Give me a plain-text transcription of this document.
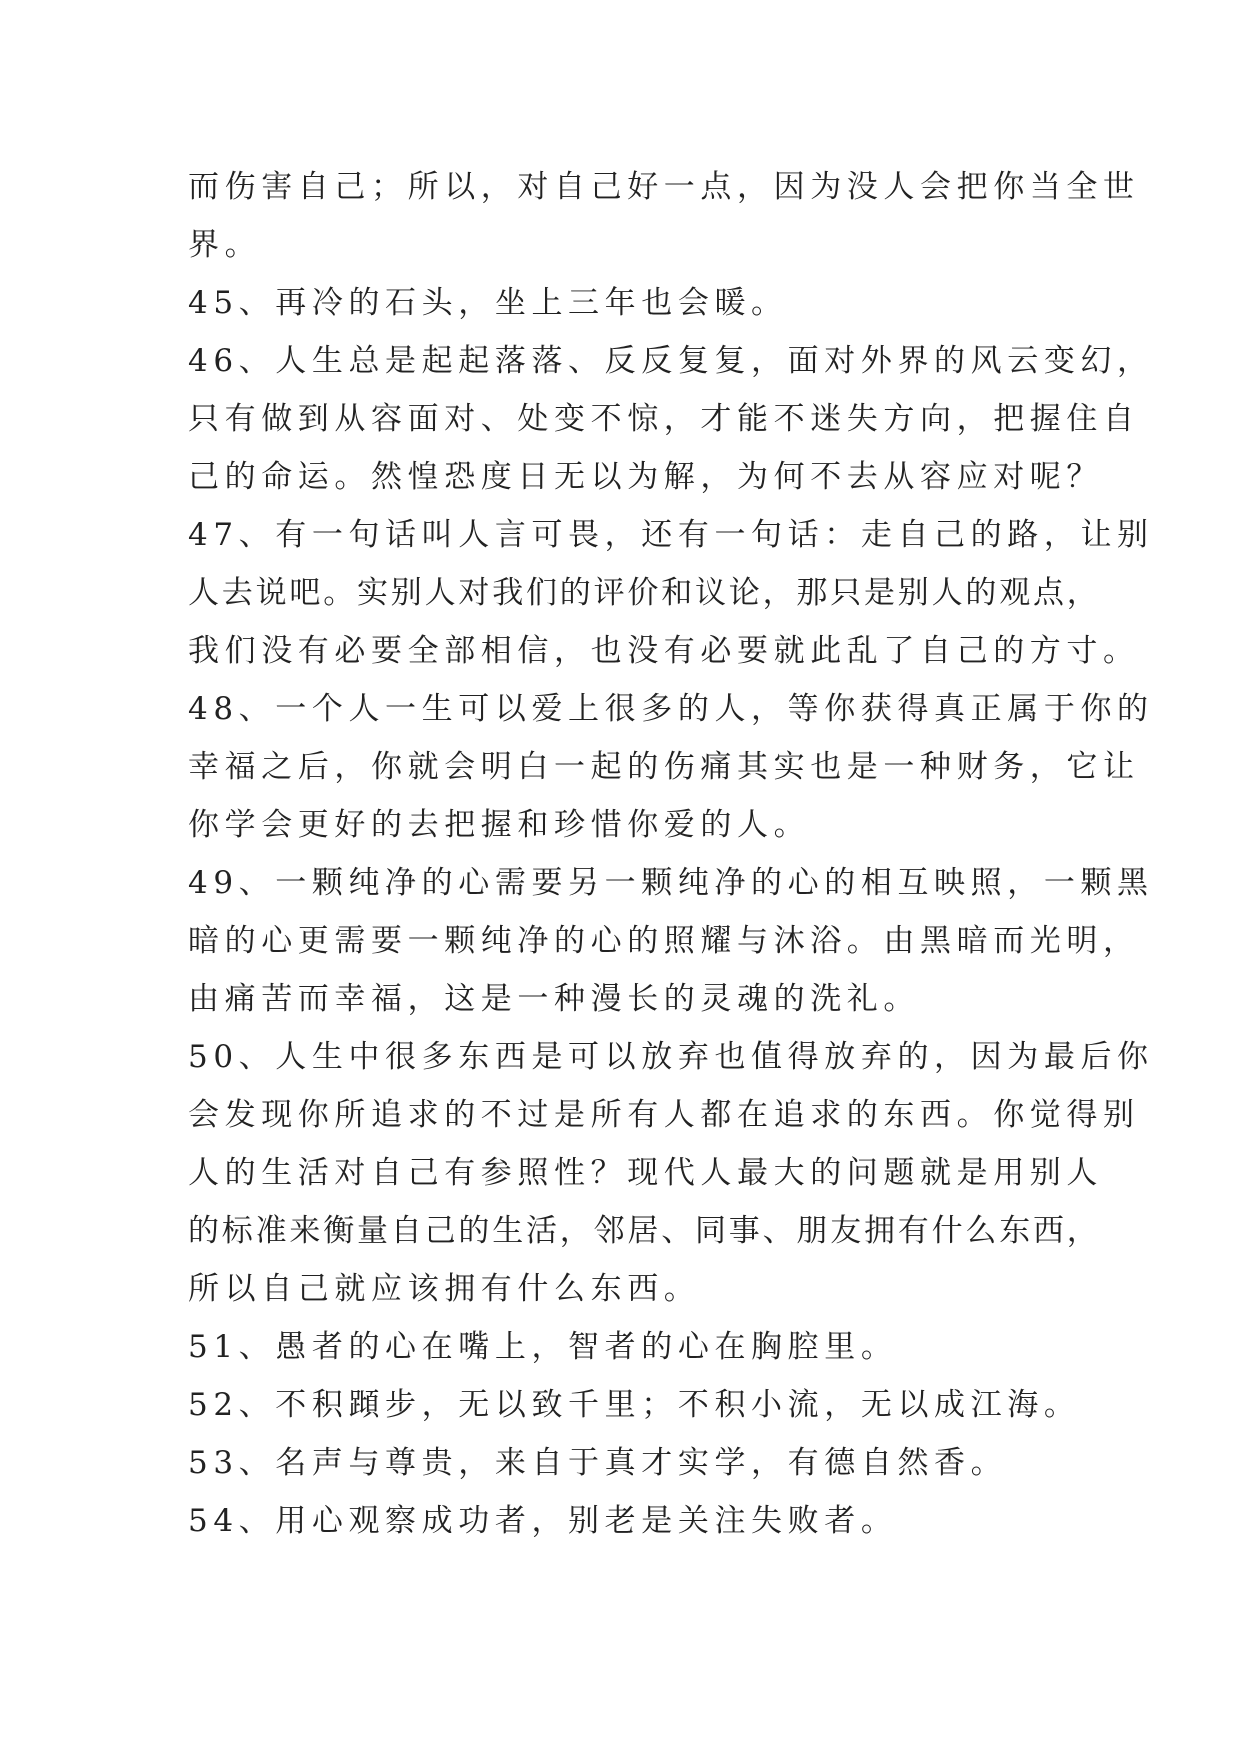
而伤害自己；所以，对自己好一点，因为没人会把你当全世
界。
45、再冷的石头，坐上三年也会暖。
46、人生总是起起落落、反反复复，面对外界的风云变幻，
只有做到从容面对、处变不惊，才能不迷失方向，把握住自
己的命运。然惶恐度日无以为解，为何不去从容应对呢？
47、有一句话叫人言可畏，还有一句话：走自己的路，让别
人去说吧。实别人对我们的评价和议论，那只是别人的观点，
我们没有必要全部相信，也没有必要就此乱了自己的方寸。
48、一个人一生可以爱上很多的人，等你获得真正属于你的
幸福之后，你就会明白一起的伤痛其实也是一种财务，它让
你学会更好的去把握和珍惜你爱的人。
49、一颗纯净的心需要另一颗纯净的心的相互映照，一颗黑
暗的心更需要一颗纯净的心的照耀与沐浴。由黑暗而光明，
由痛苦而幸福，这是一种漫长的灵魂的洗礼。
50、人生中很多东西是可以放弃也值得放弃的，因为最后你
会发现你所追求的不过是所有人都在追求的东西。你觉得别
人的生活对自己有参照性？现代人最大的问题就是用别人
的标准来衡量自己的生活，邻居、同事、朋友拥有什么东西，
所以自己就应该拥有什么东西。
51、愚者的心在嘴上，智者的心在胸腔里。
52、不积蹞步，无以致千里；不积小流，无以成江海。
53、名声与尊贵，来自于真才实学，有德自然香。
54、用心观察成功者，别老是关注失败者。
